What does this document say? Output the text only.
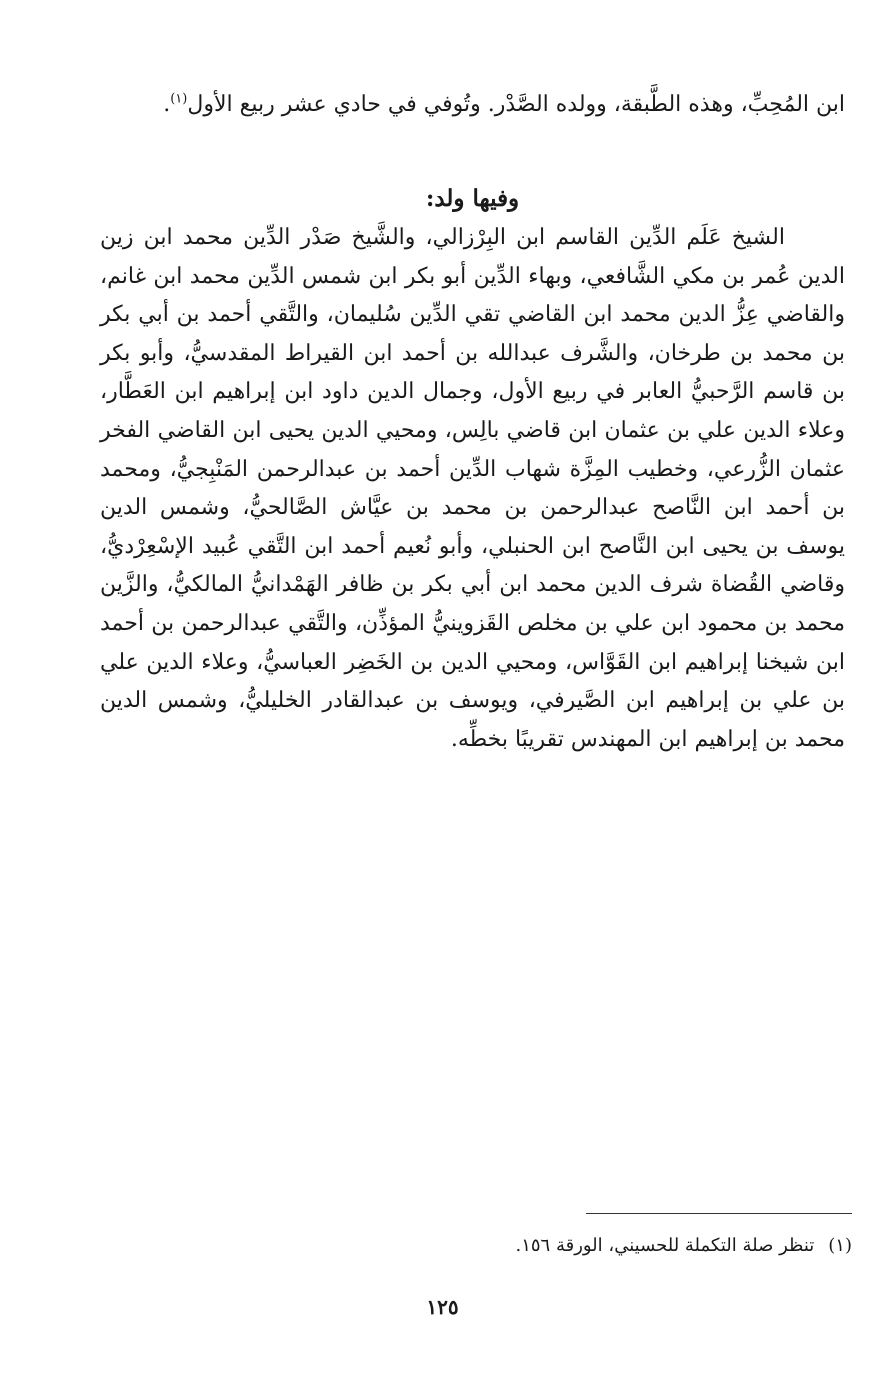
ابن المُحِبِّ، وهذه الطَّبقة، وولده الصَّدْر. وتُوفي في حادي عشر ربيع الأول$^{(١)}$.

وفيها ولد:

الشيخ عَلَم الدِّين القاسم ابن البِرْزالي، والشَّيخ صَدْر الدِّين محمد ابن زين الدين عُمر بن مكي الشَّافعي، وبهاء الدِّين أبو بكر ابن شمس الدِّين محمد ابن غانم، والقاضي عِزُّ الدين محمد ابن القاضي تقي الدِّين سُليمان، والتَّقي أحمد بن أبي بكر بن محمد بن طرخان، والشَّرف عبدالله بن أحمد ابن القيراط المقدسيُّ، وأبو بكر بن قاسم الرَّحبيُّ العابر في ربيع الأول، وجمال الدين داود ابن إبراهيم ابن العَطَّار، وعلاء الدين علي بن عثمان ابن قاضي بالِس، ومحيي الدين يحيى ابن القاضي الفخر عثمان الزُّرعي، وخطيب المِزَّة شهاب الدِّين أحمد بن عبدالرحمن المَنْبِجيُّ، ومحمد بن أحمد ابن النَّاصح عبدالرحمن بن محمد بن عيَّاش الصَّالحيُّ، وشمس الدين يوسف بن يحيى ابن النَّاصح ابن الحنبلي، وأبو نُعيم أحمد ابن التَّقي عُبيد الإسْعِرْديُّ، وقاضي القُضاة شرف الدين محمد ابن أبي بكر بن ظافر الهَمْدانيُّ المالكيُّ، والزَّين محمد بن محمود ابن علي بن مخلص القَزوينيُّ المؤذِّن، والتَّقي عبدالرحمن بن أحمد ابن شيخنا إبراهيم ابن القَوَّاس، ومحيي الدين بن الخَضِر العباسيُّ، وعلاء الدين علي بن علي بن إبراهيم ابن الصَّيرفي، ويوسف بن عبدالقادر الخليليُّ، وشمس الدين محمد بن إبراهيم ابن المهندس تقريبًا بخطِّه.

(١)تنظر صلة التكملة للحسيني، الورقة ١٥٦.

١٢٥
